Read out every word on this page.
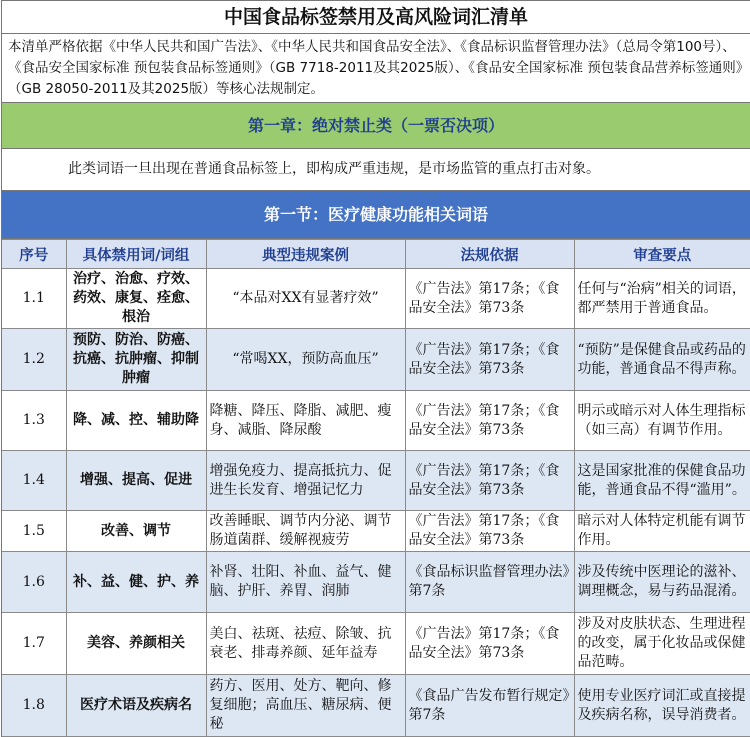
中国食品标签禁用及高风险词汇清单
本清单严格依据《中华人民共和国广告法》、《中华人民共和国食品安全法》、《食品标识监督管理办法》（总局令第100号）、《食品安全国家标准 预包装食品标签通则》（GB 7718-2011及其2025版）、《食品安全国家标准 预包装食品营养标签通则》（GB 28050-2011及其2025版）等核心法规制定。
第一章：绝对禁止类（一票否决项）
此类词语一旦出现在普通食品标签上，即构成严重违规，是市场监管的重点打击对象。
第一节：医疗健康功能相关词语
序号	具体禁用词/词组	典型违规案例	法规依据	审查要点
1.1	治疗、治愈、疗效、药效、康复、痊愈、根治	“本品对XX有显著疗效”	《广告法》第17条；《食品安全法》第73条	任何与“治病”相关的词语，都严禁用于普通食品。
1.2	预防、防治、防癌、抗癌、抗肿瘤、抑制肿瘤	“常喝XX，预防高血压”	《广告法》第17条；《食品安全法》第73条	“预防”是保健食品或药品的功能，普通食品不得声称。
1.3	降、减、控、辅助降	降糖、降压、降脂、减肥、瘦身、减脂、降尿酸	《广告法》第17条；《食品安全法》第73条	明示或暗示对人体生理指标（如三高）有调节作用。
1.4	增强、提高、促进	增强免疫力、提高抵抗力、促进生长发育、增强记忆力	《广告法》第17条；《食品安全法》第73条	这是国家批准的保健食品功能，普通食品不得“滥用”。
1.5	改善、调节	改善睡眠、调节内分泌、调节肠道菌群、缓解视疲劳	《广告法》第17条；《食品安全法》第73条	暗示对人体特定机能有调节作用。
1.6	补、益、健、护、养	补肾、壮阳、补血、益气、健脑、护肝、养胃、润肺	《食品标识监督管理办法》第7条	涉及传统中医理论的滋补、调理概念，易与药品混淆。
1.7	美容、养颜相关	美白、祛斑、祛痘、除皱、抗衰老、排毒养颜、延年益寿	《广告法》第17条；《食品安全法》第73条	涉及对皮肤状态、生理进程的改变，属于化妆品或保健品范畴。
1.8	医疗术语及疾病名	药方、医用、处方、靶向、修复细胞；高血压、糖尿病、便秘	《食品广告发布暂行规定》第7条	使用专业医疗词汇或直接提及疾病名称，误导消费者。
